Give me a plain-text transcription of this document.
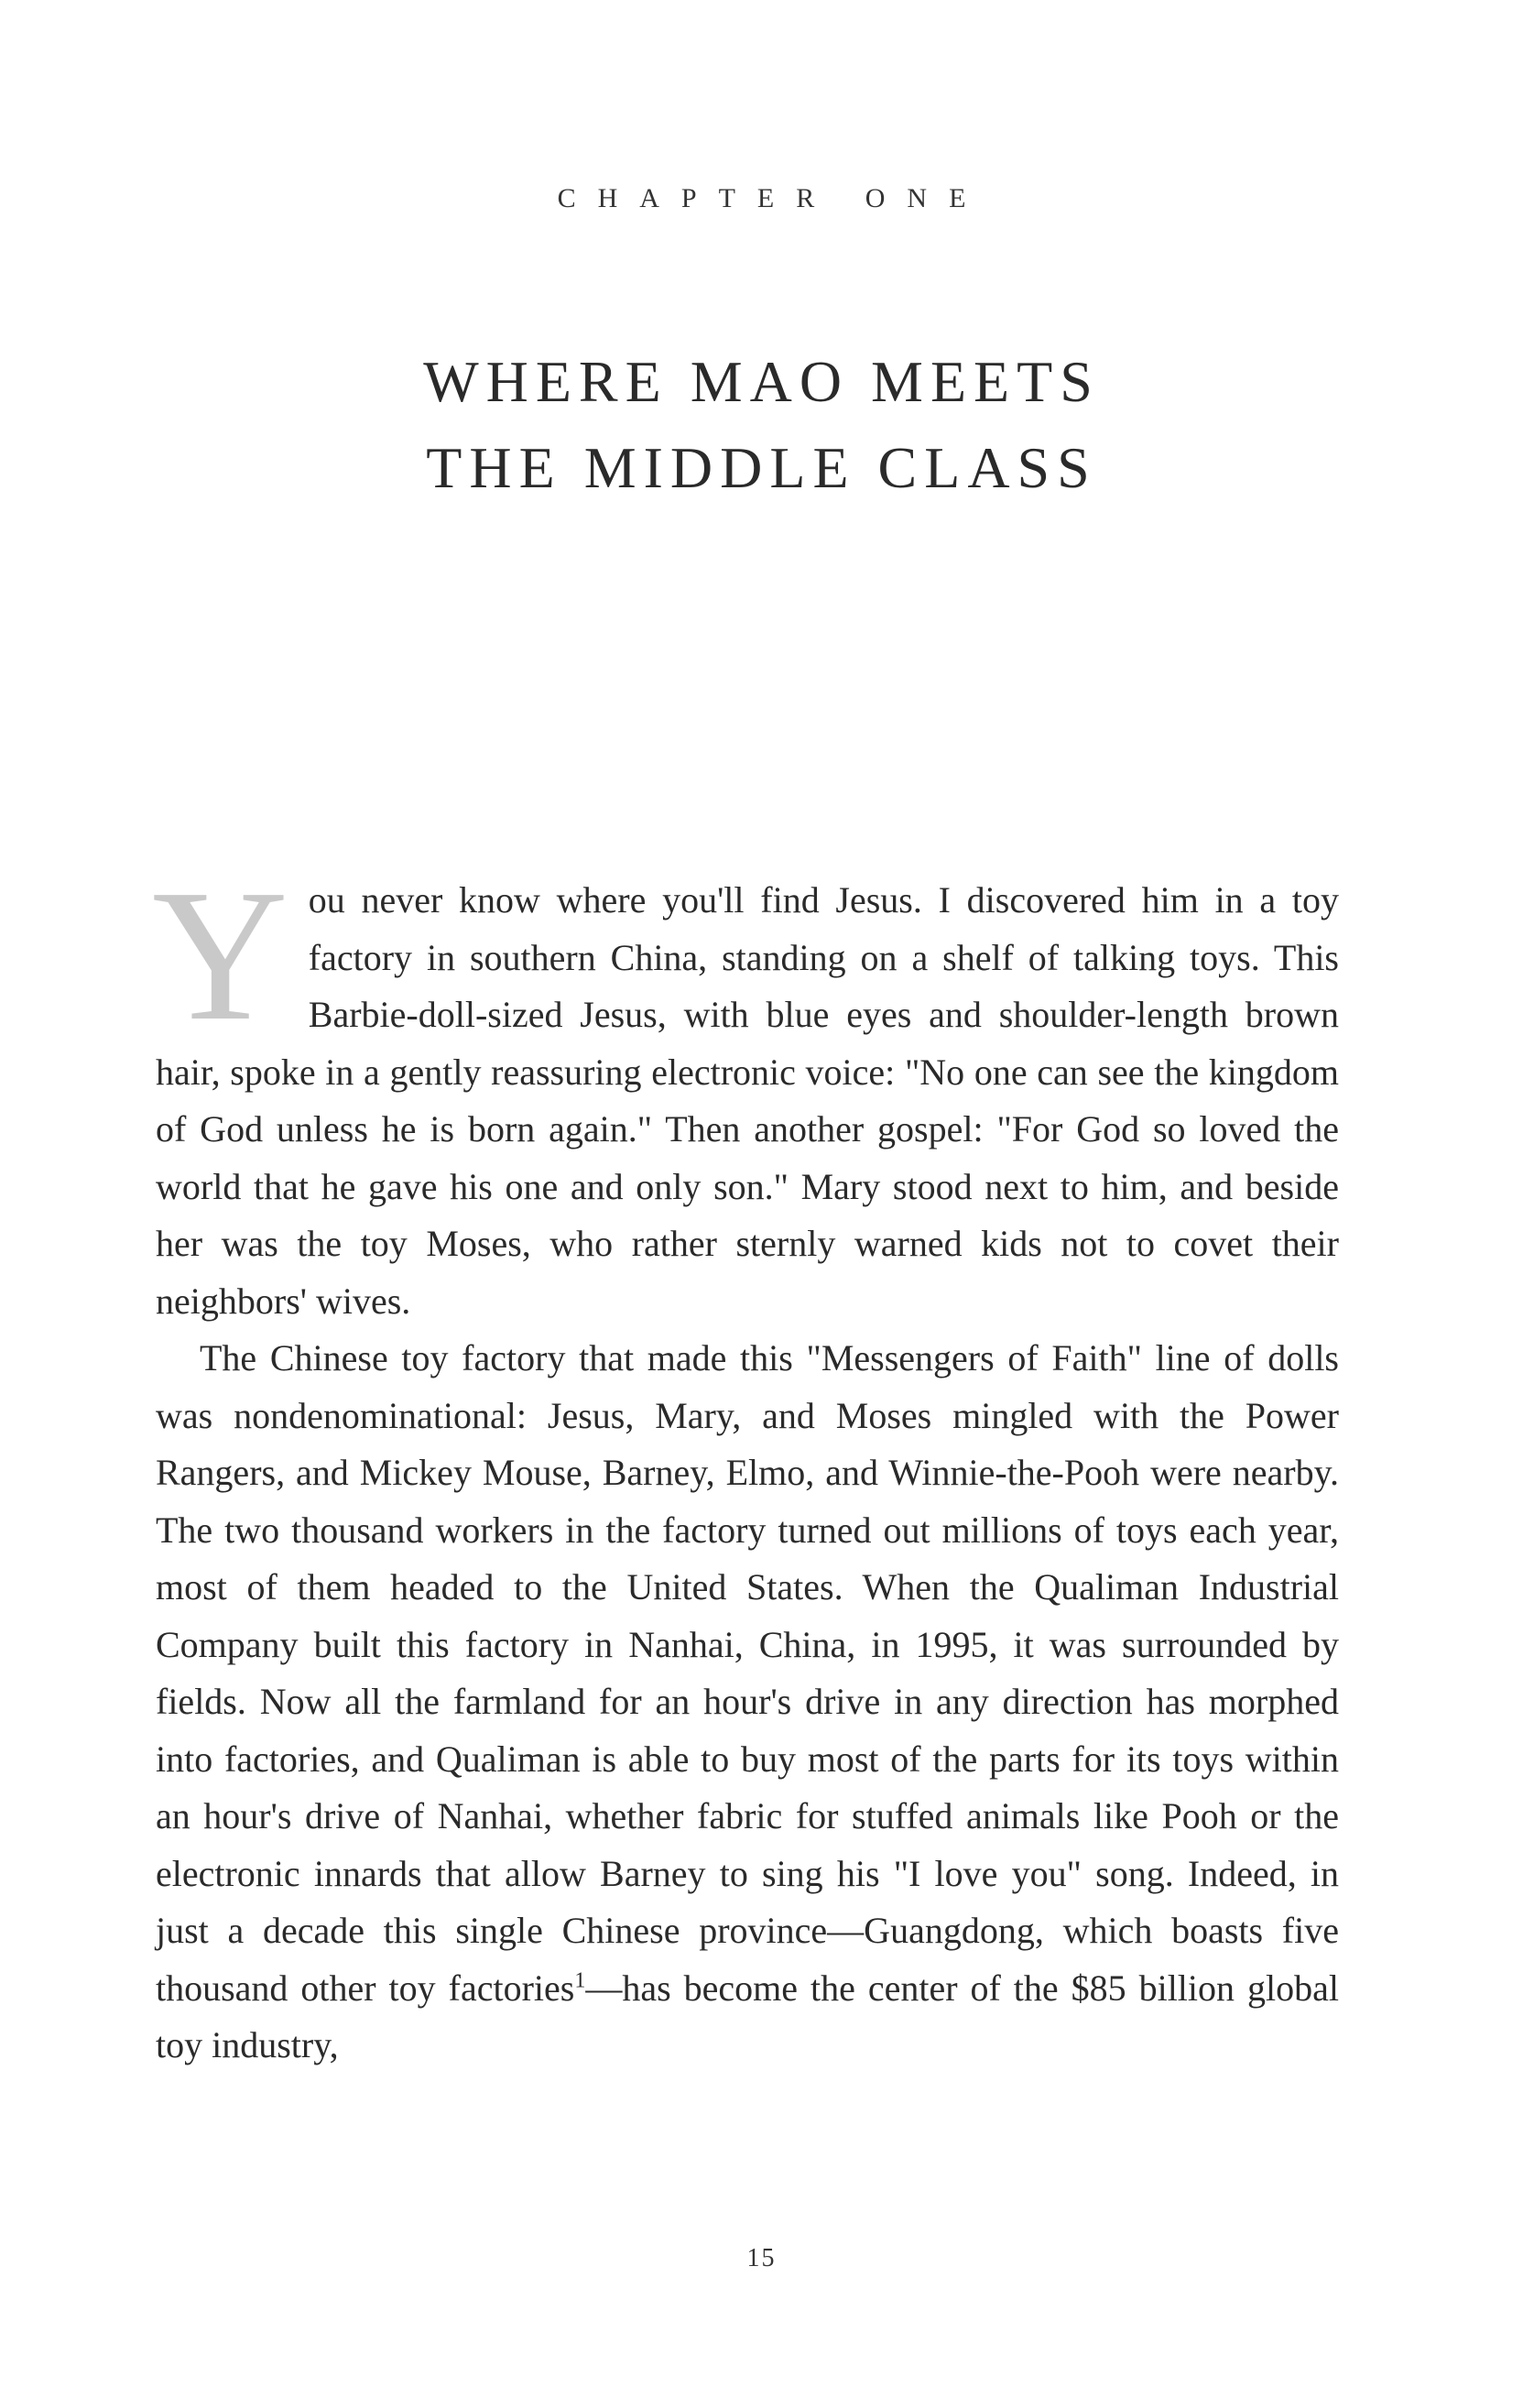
CHAPTER ONE
WHERE MAO MEETS
THE MIDDLE CLASS

You never know where you'll find Jesus. I discovered him in a toy factory in southern China, standing on a shelf of talking toys. This Barbie-doll-sized Jesus, with blue eyes and shoulder-length brown hair, spoke in a gently reassuring electronic voice: "No one can see the kingdom of God unless he is born again." Then another gospel: "For God so loved the world that he gave his one and only son." Mary stood next to him, and beside her was the toy Moses, who rather sternly warned kids not to covet their neighbors' wives.

The Chinese toy factory that made this "Messengers of Faith" line of dolls was nondenominational: Jesus, Mary, and Moses mingled with the Power Rangers, and Mickey Mouse, Barney, Elmo, and Winnie-the-Pooh were nearby. The two thousand workers in the factory turned out millions of toys each year, most of them headed to the United States. When the Qualiman Industrial Company built this factory in Nanhai, China, in 1995, it was surrounded by fields. Now all the farmland for an hour's drive in any direction has morphed into factories, and Qualiman is able to buy most of the parts for its toys within an hour's drive of Nanhai, whether fabric for stuffed animals like Pooh or the electronic innards that allow Barney to sing his "I love you" song. Indeed, in just a decade this single Chinese province—Guangdong, which boasts five thousand other toy factories$^1$—has become the center of the $85 billion global toy industry,

15
